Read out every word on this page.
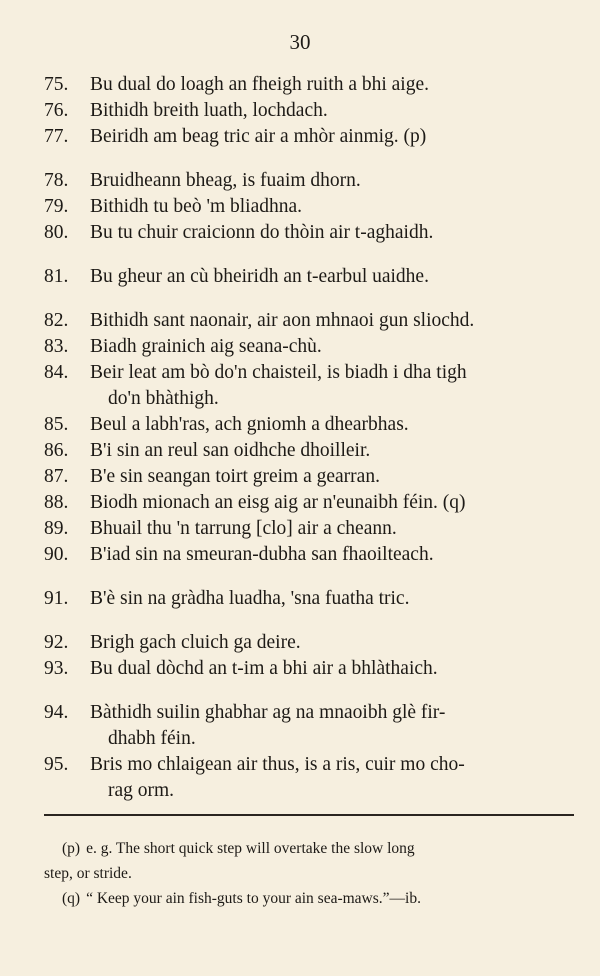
30
75.	Bu dual do loagh an fheigh ruith a bhi aige.
76.	Bithidh breith luath, lochdach.
77.	Beiridh am beag tric air a mhòr ainmig. (p)
78.	Bruidheann bheag, is fuaim dhorn.
79.	Bithidh tu beò 'm bliadhna.
80.	Bu tu chuir craicionn do thòin air t-aghaidh.
81.	Bu gheur an cù bheiridh an t-earbul uaidhe.
82.	Bithidh sant naonair, air aon mhnaoi gun sliochd.
83.	Biadh grainich aig seana-chù.
84.	Beir leat am bò do'n chaisteil, is biadh i dha tigh
do'n bhàthigh.
85.	Beul a labh'ras, ach gniomh a dhearbhas.
86.	B'i sin an reul san oidhche dhoilleir.
87.	B'e sin seangan toirt greim a gearran.
88.	Biodh mionach an eisg aig ar n'eunaibh féin. (q)
89.	Bhuail thu 'n tarrung [clo] air a cheann.
90.	B'iad sin na smeuran-dubha san fhaoilteach.
91.	B'è sin na gràdha luadha, 'sna fuatha tric.
92.	Brigh gach cluich ga deire.
93.	Bu dual dòchd an t-im a bhi air a bhlàthaich.
94.	Bàthidh suilin ghabhar ag na mnaoibh glè fir-
dhabh féin.
95.	Bris mo chlaigean air thus, is a ris, cuir mo cho-
rag orm.
(p) e. g. The short quick step will overtake the slow long
step, or stride.
(q) “ Keep your ain fish-guts to your ain sea-maws.”—ib.
